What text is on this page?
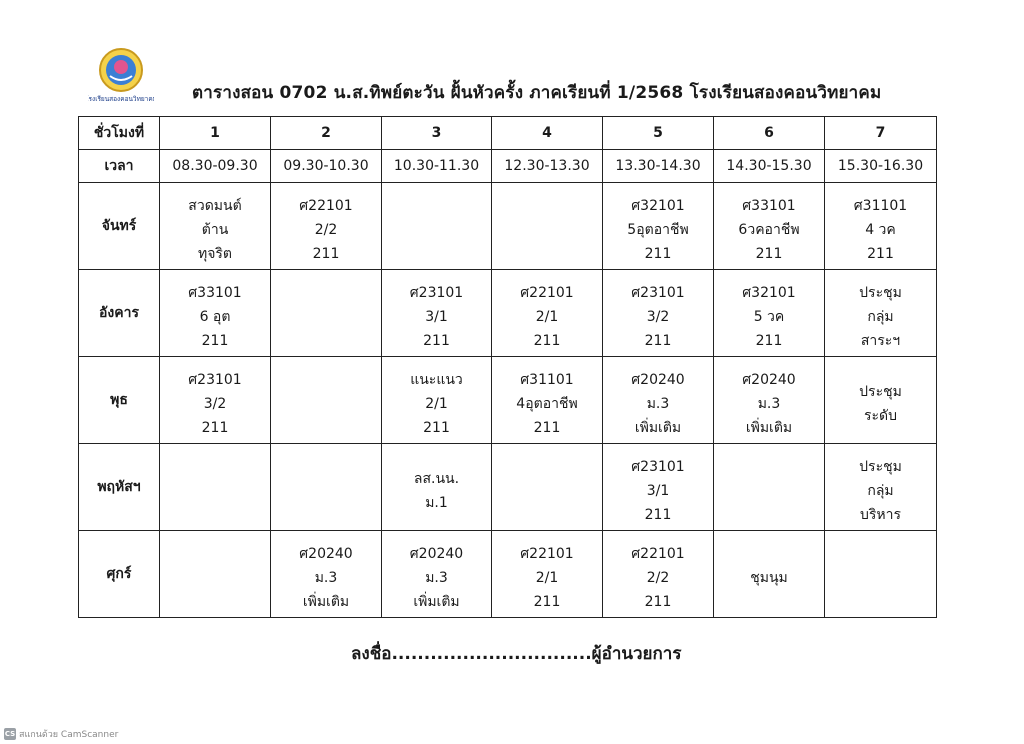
โรงเรียนสองคอนวิทยาคม ตารางสอน 0702 น.ส.ทิพย์ตะวัน ฝั้นหัวครั้ง ภาคเรียนที่ 1/2568 โรงเรียนสองคอนวิทยาคม
ชั่วโมงที่	1	2	3	4	5	6	7
เวลา	08.30-09.30	09.30-10.30	10.30-11.30	12.30-13.30	13.30-14.30	14.30-15.30	15.30-16.30
จันทร์	สวดมนต์
ต้าน
ทุจริต	ศ22101
2/2
211			ศ32101
5อุตอาชีพ
211	ศ33101
6วคอาชีพ
211	ศ31101
4 วค
211

อังคาร	ศ33101
6 อุต
211		ศ23101
3/1
211	ศ22101
2/1
211	ศ23101
3/2
211	ศ32101
5 วค
211	ประชุม
กลุ่ม
สาระฯ

พุธ	ศ23101
3/2
211		แนะแนว
2/1
211	ศ31101
4อุตอาชีพ
211	ศ20240
ม.3
เพิ่มเติม	ศ20240
ม.3
เพิ่มเติม	ประชุม
ระดับ

พฤหัสฯ			ลส.นน.
ม.1		ศ23101
3/1
211		ประชุม
กลุ่ม
บริหาร

ศุกร์		ศ20240
ม.3
เพิ่มเติม	ศ20240
ม.3
เพิ่มเติม	ศ22101
2/1
211	ศ22101
2/2
211	ชุมนุม	

ลงชื่อ...............................ผู้อำนวยการ
CS สแกนด้วย CamScanner
